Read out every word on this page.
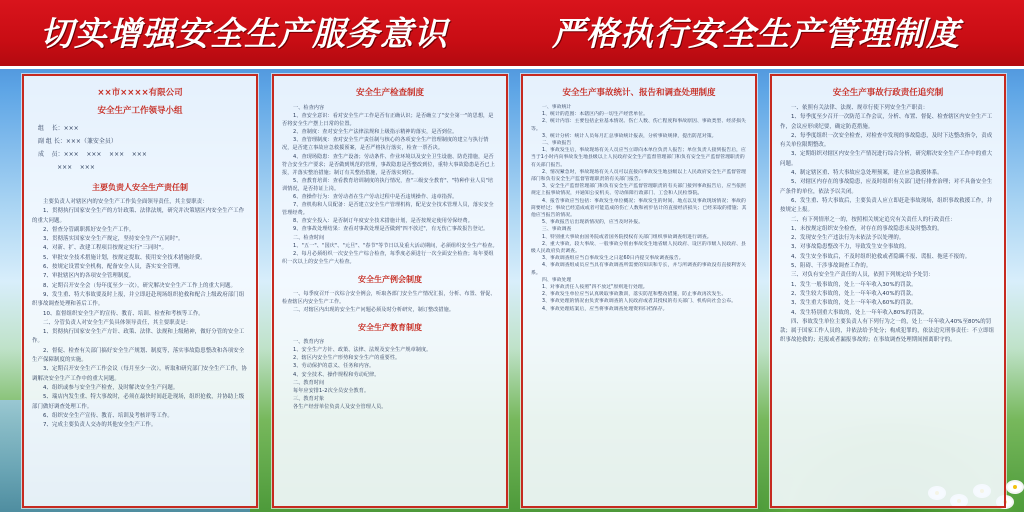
切实增强安全生产服务意识	严格执行安全生产管理制度
××市××××有限公司
安全生产工作领导小组
组    长：×××
副 组 长：×××（兼安全员）
成    员：×××    ×××    ×××    ×××
×××    ×××
主要负责人安全生产责任制

主要负责人对辖区内的安全生产工作负全面领导责任，其主要职责：

1、贯彻执行国家安全生产的方针政策、法律法规，研究并决策辖区内安全生产工作的重大问题。

2、督查分管副职抓好安全生产工作。

3、贯彻落实国家安全生产规定，坚持安全生产"五同时"。

4、对新、扩、改建工程项目按规定实行"三同时"。

5、审批安全技术措施计划，按规定提取、使用安全技术措施经费。

6、按规定设置安全机构，配备安全人员，落实安全管理。

7、审批辖区内的各项安全管理制度。

8、定期召开安全会（每年度至少一次），研究解决安全生产工作上的重大问题。

9、发生重、特大事故要及时上报，并立即赶赴现场组织抢救和配合上级政府部门组织事故调查处理和善后工作。

10、监督组织安全生产的宣传、教育、培训、检查和考核等工作。

二、分管负责人对安全生产负具体领导责任，其主要职责是：

1、贯彻执行国家安全生产方针、政策、法律、法规和上级精神，做好分管的安全工作。

2、督促、检查有关部门搞好安全生产规划、制度等，落实事故隐患整改和各项安全生产保障制度的实施。

3、定期召开安全生产工作会议（每月至少一次），听取和研究部门安全生产工作，协调解决安全生产工作中的重大问题。

4、组织或参与安全生产检查，及时解决安全生产问题。

5、瑞店内发生重、特大事故时，必须在最快时间赶赴现场，组织抢救，并协助上级部门做好调查处理工作。

6、组织安全生产宣传、教育、培训及考核评等工作。

7、完成主要负责人交办的其他安全生产工作。

安全生产检查制度

一、检查内容

1、查安全意识：看对安全生产工作是否有正确认识；是否确立了"安全第一"的思想，是否将安全生产摆上日常的位置。

2、查制度：查对安全生产法律法规和上级指示精神的落实，是否到位。

3、查管理制度：查对安全生产责任制与核心的各项安全生产管理制度的建立与执行情况，是否建立事故应急救援预案，是否严格执行落实，检查一票否决。

4、查现场隐患：查生产设备；劳动条件、作业环境以及安全卫生设施、防范措施，是否符合安全生产要求；是否做到规范的管理，事故隐患是否整改到位，重特大事故隐患是否已上报，并落实整治措施；制订有关整治措施，是否落实到位。

5、查教育培训：查看教育培训制度的执行情况，查"三级安全教育"、"特种作业人员"培训情况，是否持证上岗。

6、查操作行为：查劳动者在生产劳动过程中是否违规操作、违章指挥。

7、查机构和人员配备：是否建立安全生产管理机构，配足安全技术管理人员，落实安全管理经费。

8、查安全投入：是否制订年度安全技术措施计划，是否按规定使用劳保经费。

9、查事故处理结果：查看对事故处理是否做到"四不放过"，有无伤亡事故报告登记。

二、检查时间

1、"五一"、"国庆"、"元旦"、"春节"等节日以及重大活动期间，必须组织安全生产检查。

2、每月必须组织一次安全生产综合检查，每季度必须进行一次全面安全检查；每年要组织一次以上的安全生产大检查。

安全生产例会制度

一、每季度召开一次综合安全例会，听取各部门安全生产情况汇报，分析、布置、督促、检查辖区内安全生产工作。

二、对辖区内出现的安全生产问题必须及时分析研究，制订整改措施。

安全生产教育制度

一、教育内容

1、安全生产方针、政策、法律、法规及安全生产规章制度。

2、辖区内安全生产形势和安全生产的重要性。

3、劳动保护的意义、任务和内容。

4、安全技术、操作规程和劳动纪律。

二、教育时间

每年应安排1-2次全员安全教育。

三、教育对象

各生产经营单位负责人及安全管理人员。

安全生产事故统计、报告和调查处理制度

一、事故统计

1、统计的范围：本辖区内的一切生产经营单位。

2、统计内容：主要包括企业基本情况、伤亡人数、伤亡程度和事故原因、事故类型、经济损失等。

3、统计分析：统计人员每月汇总事故统计报表，分析事故规律，提出防范对策。

二、事故报告

1、事故发生后，事故现场有关人员应当立即向本单位负责人报告；单位负责人接到报告后，应当于1小时内向事故发生地县级以上人民政府安全生产监督管理部门和负有安全生产监督管理职责的有关部门报告。

2、情况紧急时，事故现场有关人员可以直接向事故发生地县级以上人民政府安全生产监督管理部门和负有安全生产监督管理职责的有关部门报告。

3、安全生产监督管理部门和负有安全生产监督管理职责的有关部门接到事故报告后，应当依照规定上报事故情况，并通知公安机关、劳动保障行政部门、工会和人民检察院。

4、报告事故应当包括：事故发生单位概况；事故发生的时间、地点以及事故现场情况；事故的简要经过；事故已经造成或者可能造成的伤亡人数和初步估计的直接经济损失；已经采取的措施；其他应当报告的情况。

5、事故报告后出现新情况的，应当及时补报。

三、事故调查

1、特别重大事故由国务院或者国务院授权有关部门组织事故调查组进行调查。

2、重大事故、较大事故、一般事故分别由事故发生地省级人民政府、设区的市级人民政府、县级人民政府负责调查。

3、事故调查组应当自事故发生之日起60日内提交事故调查报告。

4、事故调查组成员应当具有事故调查所需要的知识和专长，并与所调查的事故没有直接利害关系。

四、事故处理

1、对事故责任人按照"四不放过"原则进行处理。

2、事故发生单位应当认真吸取事故教训，落实防范和整改措施，防止事故再次发生。

3、事故处理的情况由负责事故调查的人民政府或者其授权的有关部门、机构向社会公布。

4、事故处理结案后，应当将事故调查处理资料归档保存。

安全生产事故行政责任追究制

一、依照有关法律、法规、规章行使下列安全生产职责：

1、每季度至少召开一次防范工作会议，分析、布置、督促、检查辖区内安全生产工作，会议应形成纪要，确定防范措施。

2、每季度组织一次安全检查，对检查中发现的事故隐患，及时下达整改指令，责成有关单位限期整改。

3、定期组织对辖区内安全生产情况进行综合分析，研究解决安全生产工作中的重大问题。

4、制定辖区重、特大事故应急处理预案，建立应急救援体系。

5、对辖区内存在的事故隐患，应及时组织有关部门进行排查治理；对不具备安全生产条件的单位，依法予以关闭。

6、发生重、特大事故后，主要负责人应立即赶赴事故现场，组织事故救援工作，并按规定上报。

二、有下列情形之一的，按照相关规定追究有关责任人的行政责任：

1、未按规定组织安全检查，对存在的事故隐患未及时整改的。

2、发现安全生产违法行为未依法予以处理的。

3、对事故隐患整改不力，导致发生安全事故的。

4、发生安全事故后，不及时组织抢救或者隐瞒不报、谎报、拖延不报的。

5、阻碍、干涉事故调查工作的。

三、对负有安全生产责任的人员，依照下列规定给予处罚：

1、发生一般事故的，处上一年年收入30%的罚款。

2、发生较大事故的，处上一年年收入40%的罚款。

3、发生重大事故的，处上一年年收入60%的罚款。

4、发生特别重大事故的，处上一年年收入80%的罚款。

四、事故发生单位主要负责人有下列行为之一的，处上一年年收入40%至80%的罚款；属于国家工作人员的，并依法给予处分；构成犯罪的，依法追究刑事责任：不立即组织事故抢救的；迟报或者漏报事故的；在事故调查处理期间擅离职守的。
